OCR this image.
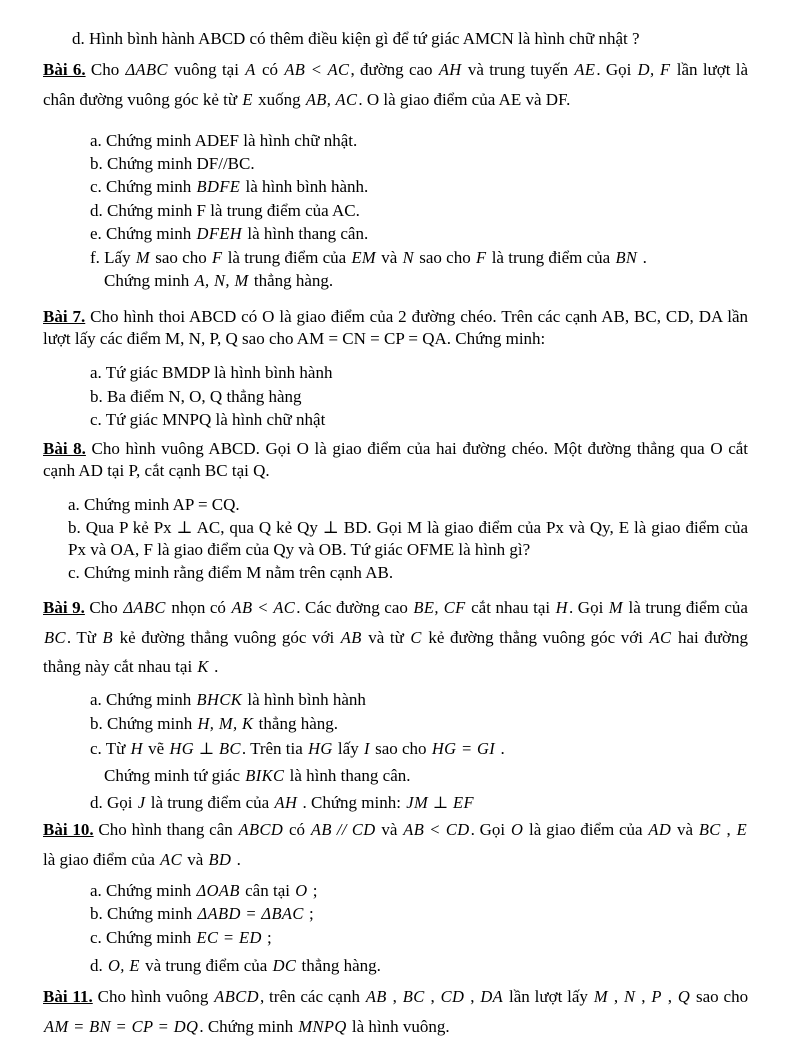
d. Hình bình hành ABCD có thêm điều kiện gì để tứ giác AMCN là hình chữ nhật ?
Bài 6. Cho ΔABC vuông tại A có AB < AC, đường cao AH và trung tuyến AE. Gọi D, F lần lượt là chân đường vuông góc kẻ từ E xuống AB, AC. O là giao điểm của AE và DF.
a. Chứng minh ADEF là hình chữ nhật.
b. Chứng minh DF//BC.
c. Chứng minh BDFE là hình bình hành.
d. Chứng minh F là trung điểm của AC.
e. Chứng minh DFEH là hình thang cân.
f. Lấy M sao cho F là trung điểm của EM và N sao cho F là trung điểm của BN .
Chứng minh A, N, M thẳng hàng.
Bài 7. Cho hình thoi ABCD có O là giao điểm của 2 đường chéo. Trên các cạnh AB, BC, CD, DA lần lượt lấy các điểm M, N, P, Q sao cho AM = CN = CP = QA. Chứng minh:
a. Tứ giác BMDP là hình bình hành
b. Ba điểm N, O, Q thẳng hàng
c. Tứ giác MNPQ là hình chữ nhật
Bài 8. Cho hình vuông ABCD. Gọi O là giao điểm của hai đường chéo. Một đường thẳng qua O cắt cạnh AD tại P, cắt cạnh BC tại Q.
a. Chứng minh AP = CQ.
b. Qua P kẻ Px ⊥ AC, qua Q kẻ Qy ⊥ BD. Gọi M là giao điểm của Px và Qy, E là giao điểm của Px và OA, F là giao điểm của Qy và OB. Tứ giác OFME là hình gì?
c. Chứng minh rằng điểm M nằm trên cạnh AB.
Bài 9. Cho ΔABC nhọn có AB < AC. Các đường cao BE, CF cắt nhau tại H. Gọi M là trung điểm của BC. Từ B kẻ đường thẳng vuông góc với AB và từ C kẻ đường thẳng vuông góc với AC hai đường thẳng này cắt nhau tại K .
a. Chứng minh BHCK là hình bình hành
b. Chứng minh H, M, K thẳng hàng.
c. Từ H vẽ HG ⊥ BC. Trên tia HG lấy I sao cho HG = GI .
Chứng minh tứ giác BIKC là hình thang cân.
d. Gọi J là trung điểm của AH . Chứng minh: JM ⊥ EF
Bài 10. Cho hình thang cân ABCD có AB // CD và AB < CD. Gọi O là giao điểm của AD và BC , E là giao điểm của AC và BD .
a. Chứng minh ΔOAB cân tại O ;
b. Chứng minh ΔABD = ΔBAC ;
c. Chứng minh EC = ED ;
d. O, E và trung điểm của DC thẳng hàng.
Bài 11. Cho hình vuông ABCD, trên các cạnh AB , BC , CD , DA lần lượt lấy M , N , P , Q sao cho AM = BN = CP = DQ. Chứng minh MNPQ là hình vuông.
